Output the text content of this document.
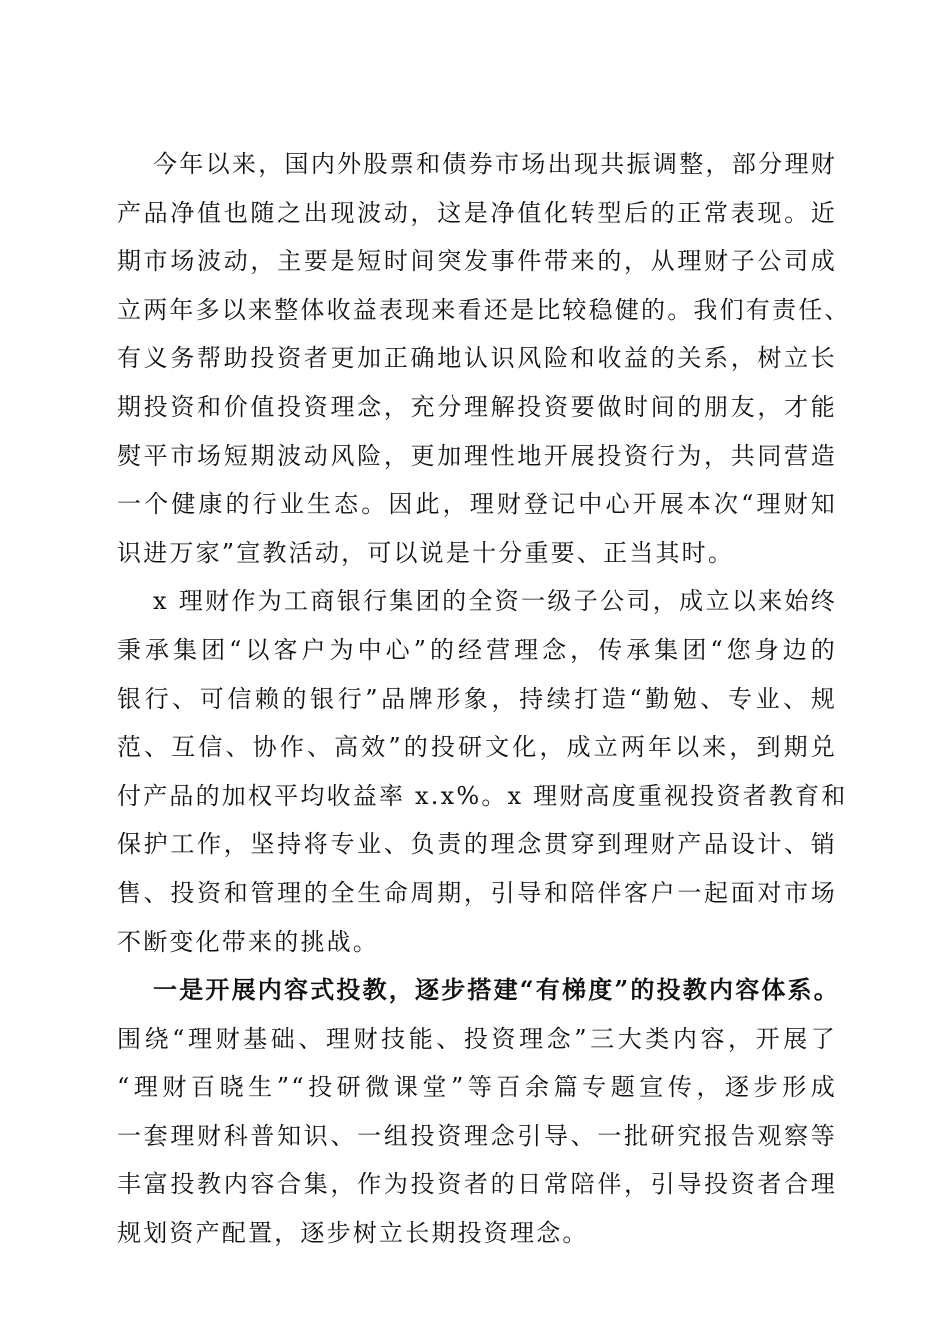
今年以来，国内外股票和债券市场出现共振调整，部分理财
产品净值也随之出现波动，这是净值化转型后的正常表现。近
期市场波动，主要是短时间突发事件带来的，从理财子公司成
立两年多以来整体收益表现来看还是比较稳健的。我们有责任、
有义务帮助投资者更加正确地认识风险和收益的关系，树立长
期投资和价值投资理念，充分理解投资要做时间的朋友，才能
熨平市场短期波动风险，更加理性地开展投资行为，共同营造
一个健康的行业生态。因此，理财登记中心开展本次“理财知
识进万家”宣教活动，可以说是十分重要、正当其时。
x 理财作为工商银行集团的全资一级子公司，成立以来始终
秉承集团“以客户为中心”的经营理念，传承集团“您身边的
银行、可信赖的银行”品牌形象，持续打造“勤勉、专业、规
范、互信、协作、高效”的投研文化，成立两年以来，到期兑
付产品的加权平均收益率 x.x%。x 理财高度重视投资者教育和
保护工作，坚持将专业、负责的理念贯穿到理财产品设计、销
售、投资和管理的全生命周期，引导和陪伴客户一起面对市场
不断变化带来的挑战。
一是开展内容式投教，逐步搭建“有梯度”的投教内容体系。
围绕“理财基础、理财技能、投资理念”三大类内容，开展了
“理财百晓生”“投研微课堂”等百余篇专题宣传，逐步形成
一套理财科普知识、一组投资理念引导、一批研究报告观察等
丰富投教内容合集，作为投资者的日常陪伴，引导投资者合理
规划资产配置，逐步树立长期投资理念。
